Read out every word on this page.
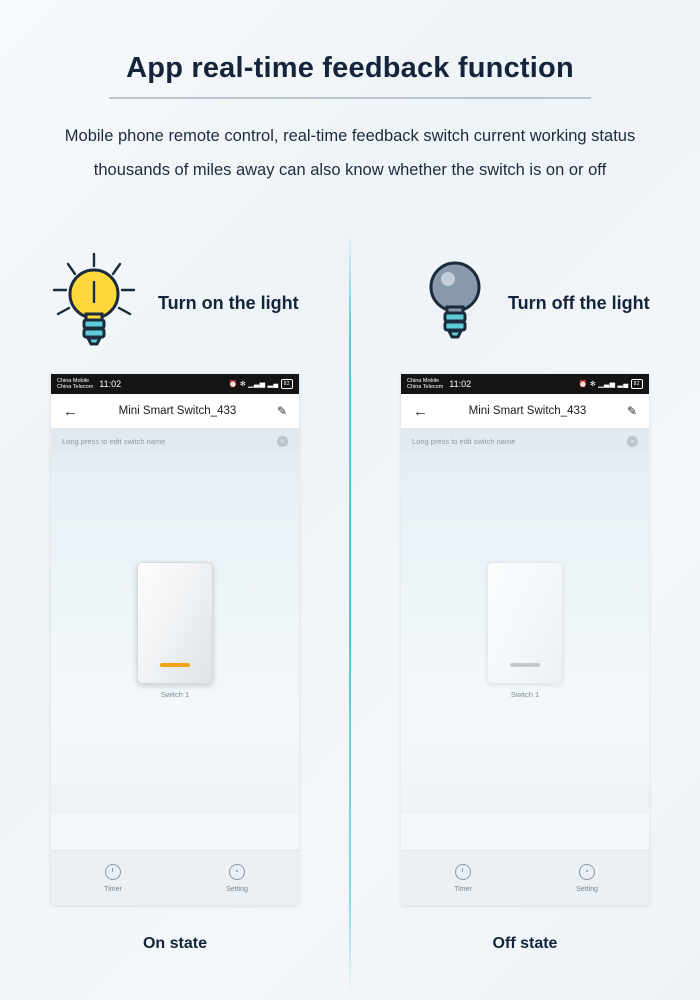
App real-time feedback function

Mobile phone remote control, real-time feedback switch current working status thousands of miles away can also know whether the switch is on or off

Turn on the light
China Mobile
China Telecom 11:02	⏰ ✻ ▁▃▅ ▂▄	82
←	Mini Smart Switch_433	✎
Long press to edit switch name	×
Switch 1
Timer	Setting
On state
Turn off the light
China Mobile
China Telecom 11:02	⏰ ✻ ▁▃▅ ▂▄	82
←	Mini Smart Switch_433	✎
Long press to edit switch name	×
Switch 1
Timer	Setting
Off state
